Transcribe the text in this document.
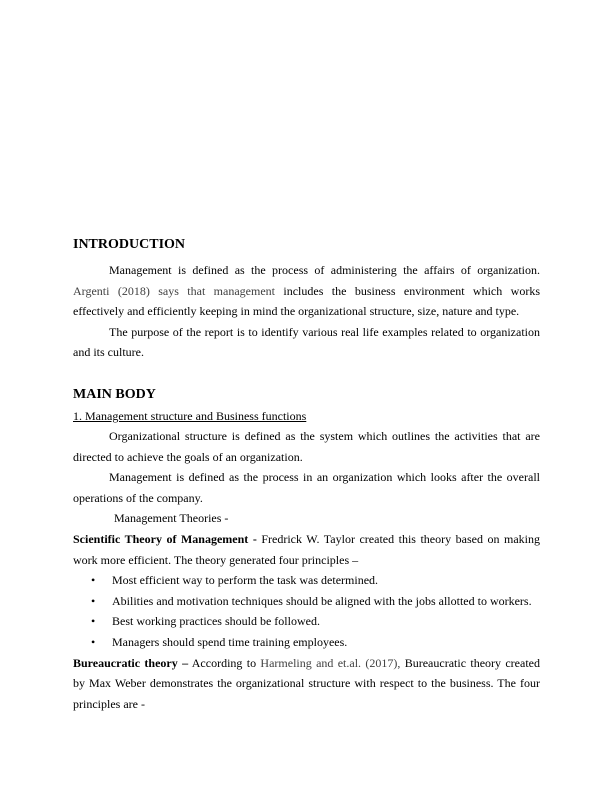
INTRODUCTION

Management is defined as the process of administering the affairs of organization. Argenti (2018) says that management includes the business environment which works effectively and efficiently keeping in mind the organizational structure, size, nature and type.

The purpose of the report is to identify various real life examples related to organization and its culture.

MAIN BODY

1. Management structure and Business functions

Organizational structure is defined as the system which outlines the activities that are directed to achieve the goals of an organization.

Management is defined as the process in an organization which looks after the overall operations of the company.

Management Theories -

Scientific Theory of Management - Fredrick W. Taylor created this theory based on making work more efficient. The theory generated four principles –

• Most efficient way to perform the task was determined.
• Abilities and motivation techniques should be aligned with the jobs allotted to workers.
• Best working practices should be followed.
• Managers should spend time training employees.

Bureaucratic theory – According to Harmeling and et.al. (2017), Bureaucratic theory created by Max Weber demonstrates the organizational structure with respect to the business. The four principles are -
